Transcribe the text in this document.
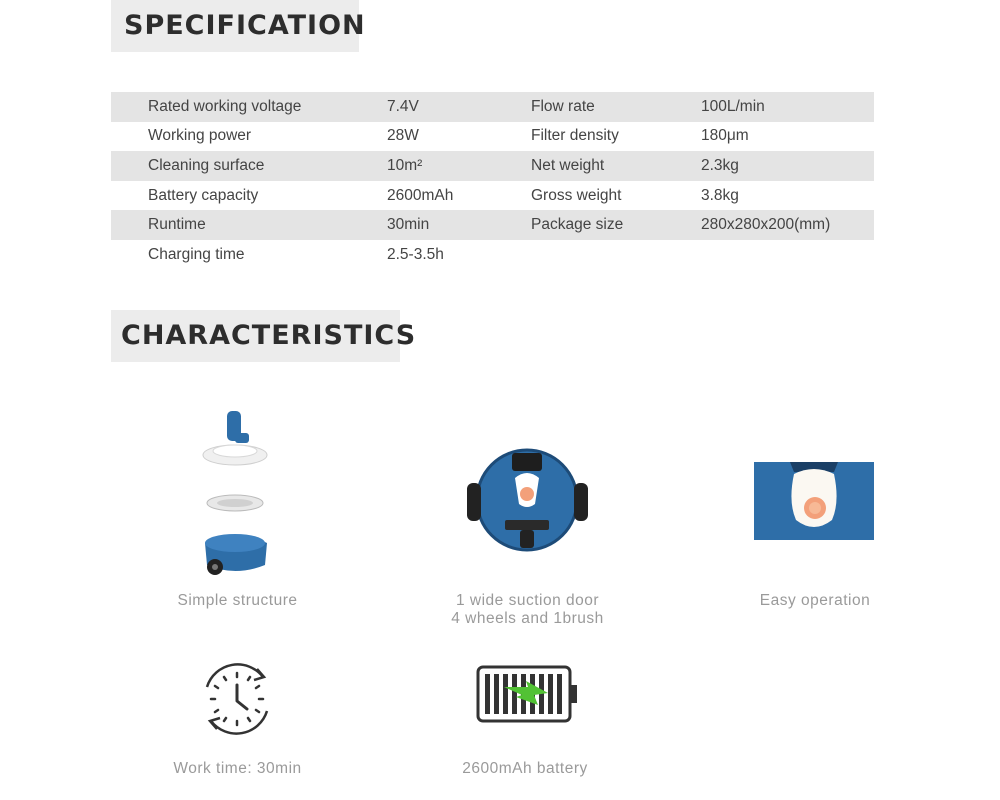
SPECIFICATION
Rated working voltage	7.4V	Flow rate	100L/min
Working power	28W	Filter density	180μm
Cleaning surface	10m²	Net weight	2.3kg
Battery capacity	2600mAh	Gross weight	3.8kg
Runtime	30min	Package size	280x280x200(mm)
Charging time	2.5-3.5h
CHARACTERISTICS
Simple structure	1 wide suction door
4 wheels and 1brush
Easy operation
Work time: 30min	2600mAh battery
